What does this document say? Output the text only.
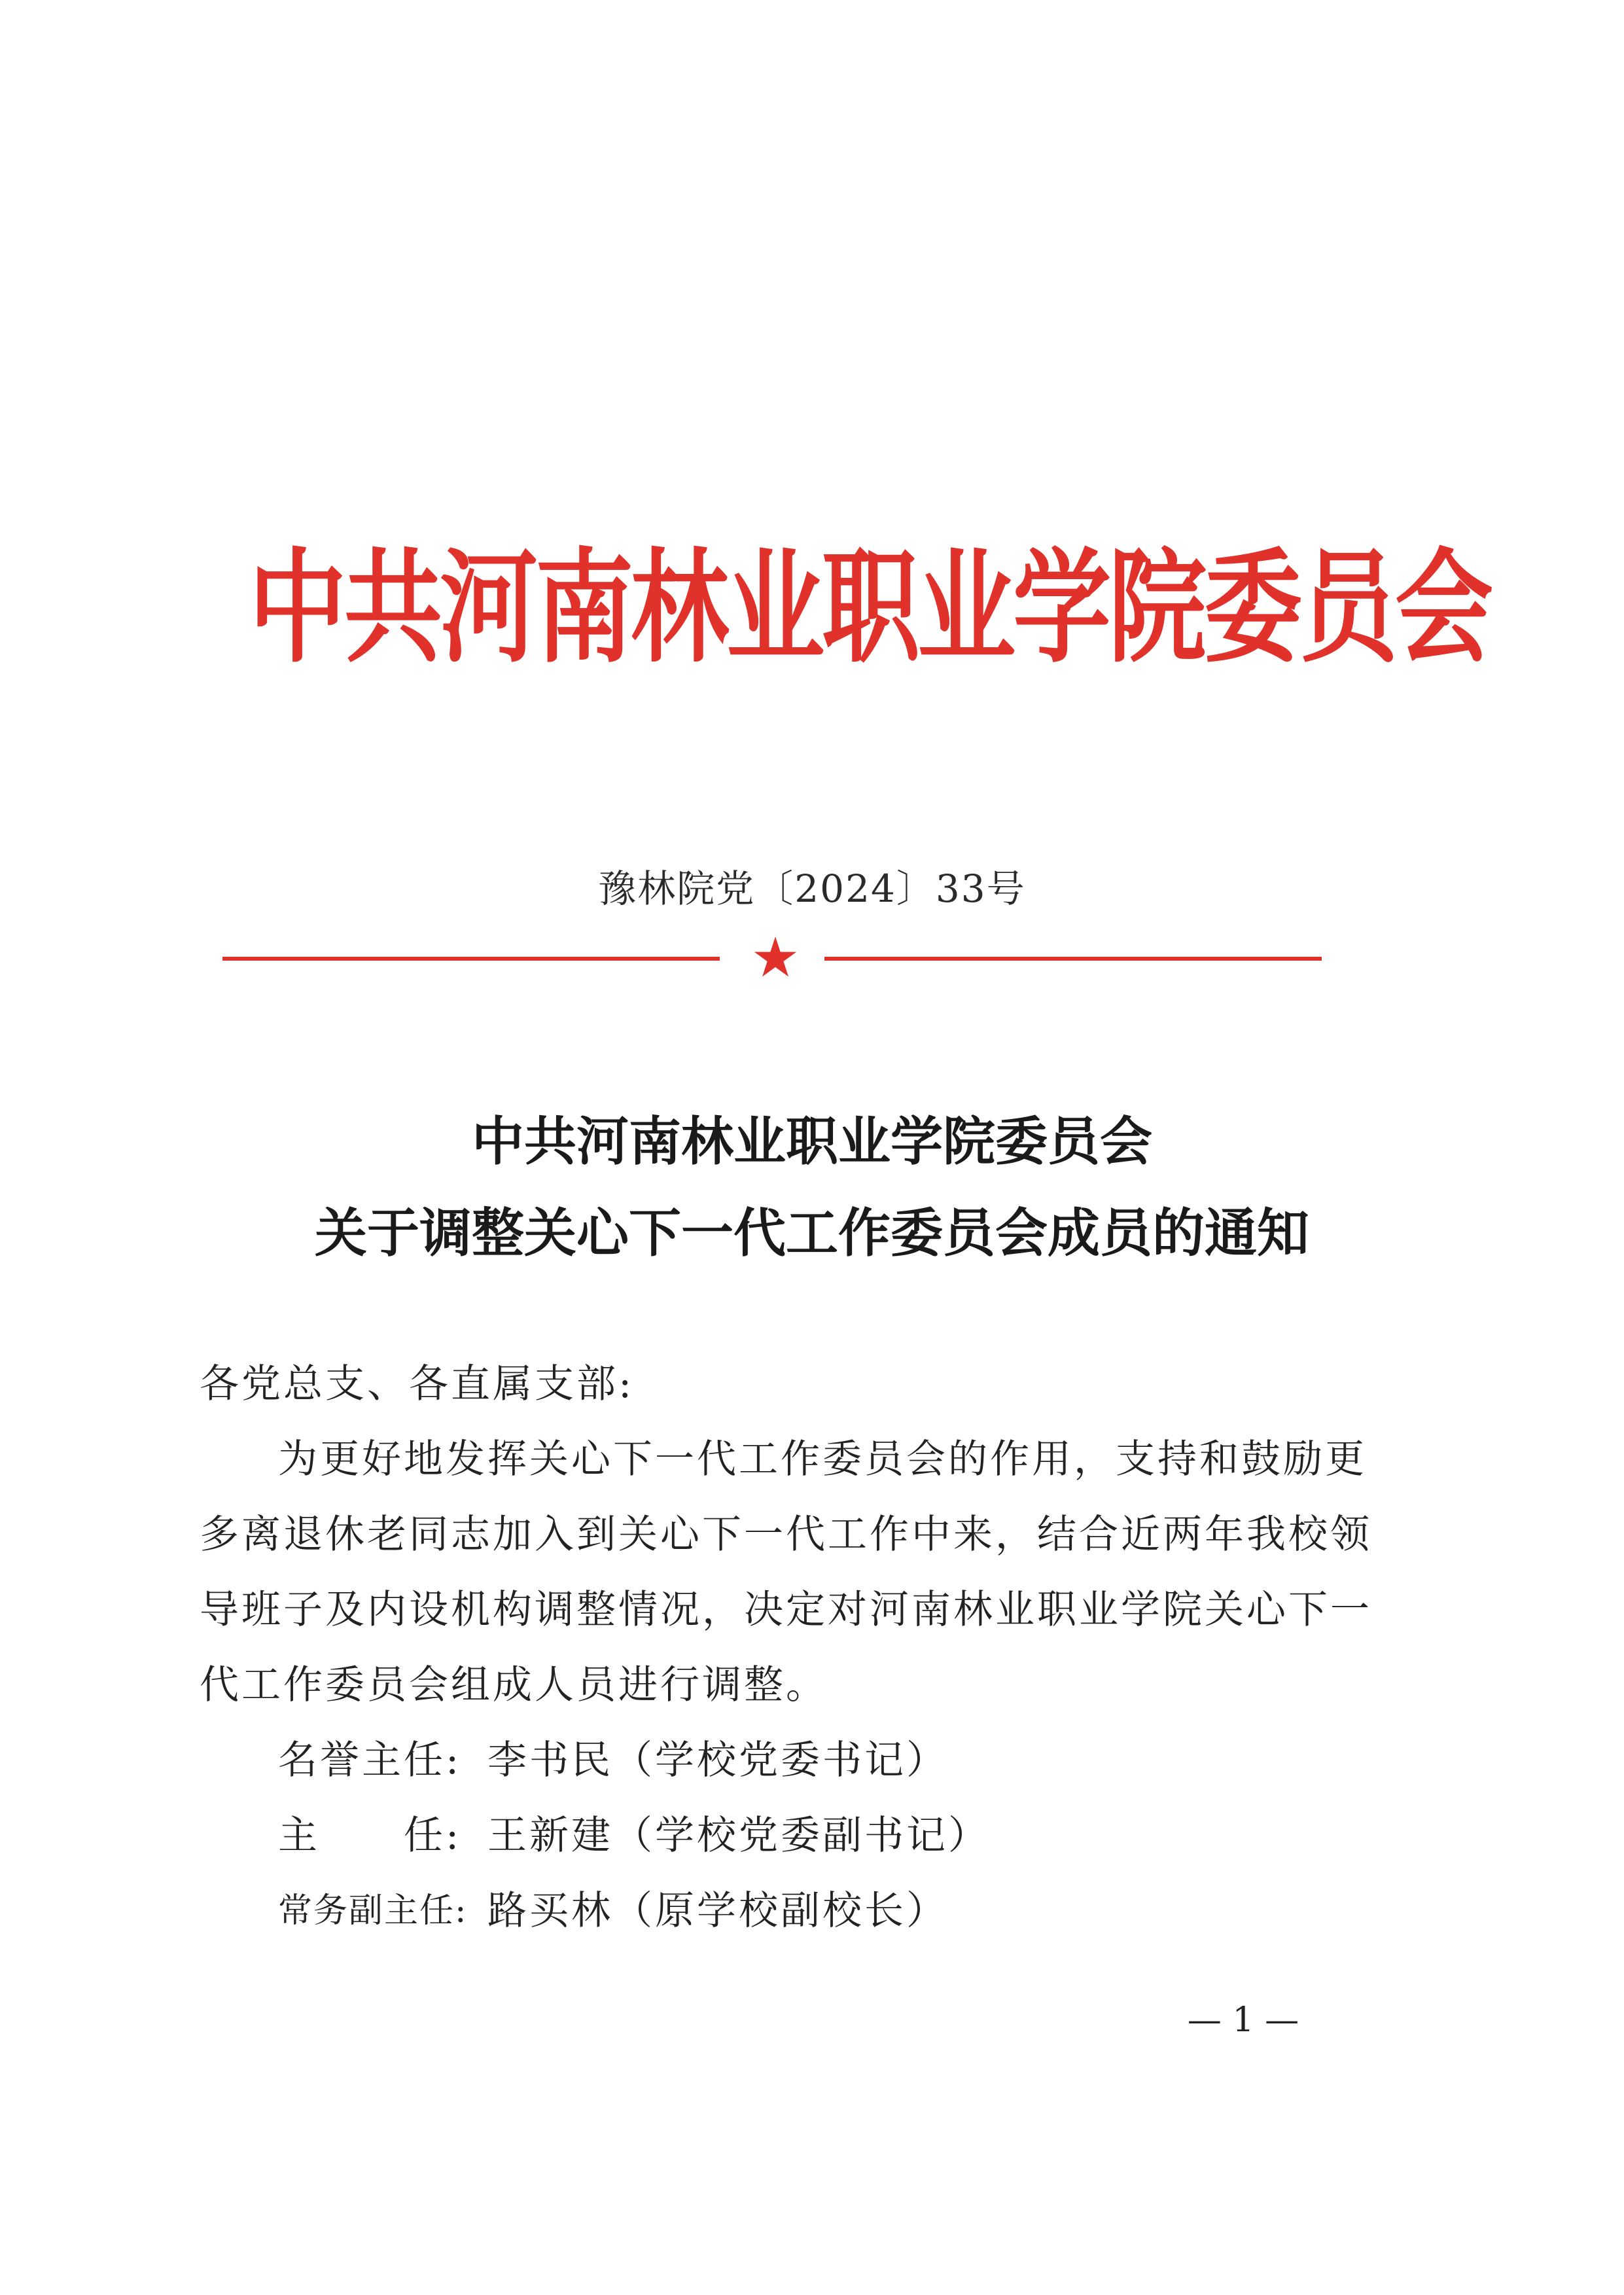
中共河南林业职业学院委员会
豫林院党〔2024〕33号
★
中共河南林业职业学院委员会
关于调整关心下一代工作委员会成员的通知
各党总支、各直属支部:
为更好地发挥关心下一代工作委员会的作用，支持和鼓励更
多离退休老同志加入到关心下一代工作中来，结合近两年我校领
导班子及内设机构调整情况，决定对河南林业职业学院关心下一
代工作委员会组成人员进行调整。
名誉主任: 李书民（学校党委书记）
主　　任: 王新建（学校党委副书记）
常务副主任: 路买林（原学校副校长）
— 1 —
